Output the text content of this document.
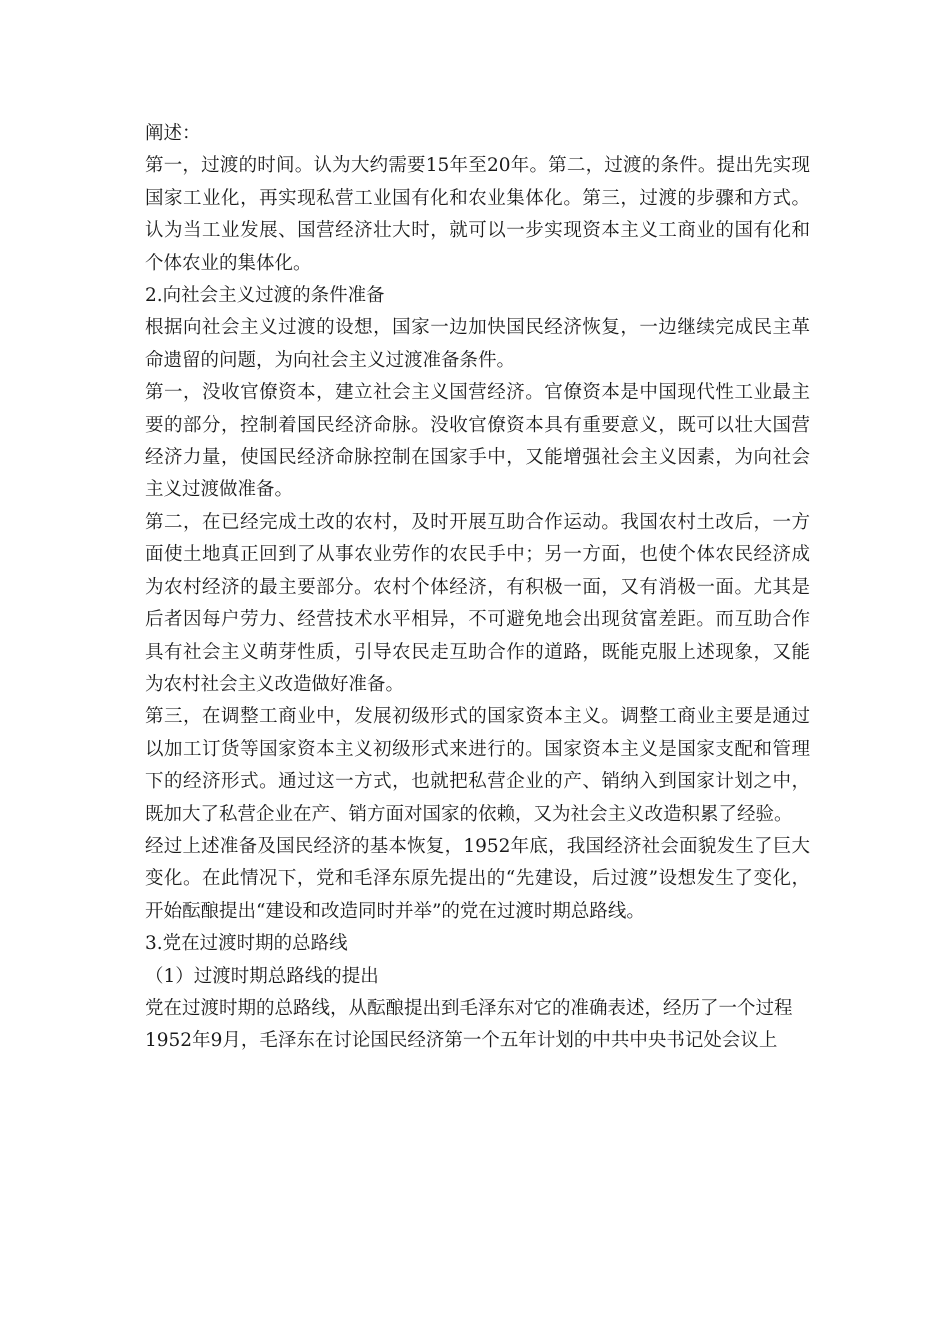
阐述：

第一，过渡的时间。认为大约需要15年至20年。第二，过渡的条件。提出先实现国家工业化，再实现私营工业国有化和农业集体化。第三，过渡的步骤和方式。认为当工业发展、国营经济壮大时，就可以一步实现资本主义工商业的国有化和个体农业的集体化。

2.向社会主义过渡的条件准备

根据向社会主义过渡的设想，国家一边加快国民经济恢复，一边继续完成民主革命遗留的问题，为向社会主义过渡准备条件。

第一，没收官僚资本，建立社会主义国营经济。官僚资本是中国现代性工业最主要的部分，控制着国民经济命脉。没收官僚资本具有重要意义，既可以壮大国营经济力量，使国民经济命脉控制在国家手中，又能增强社会主义因素，为向社会主义过渡做准备。

第二，在已经完成土改的农村，及时开展互助合作运动。我国农村土改后，一方面使土地真正回到了从事农业劳作的农民手中；另一方面，也使个体农民经济成为农村经济的最主要部分。农村个体经济，有积极一面，又有消极一面。尤其是后者因每户劳力、经营技术水平相异，不可避免地会出现贫富差距。而互助合作具有社会主义萌芽性质，引导农民走互助合作的道路，既能克服上述现象，又能为农村社会主义改造做好准备。

第三，在调整工商业中，发展初级形式的国家资本主义。调整工商业主要是通过以加工订货等国家资本主义初级形式来进行的。国家资本主义是国家支配和管理下的经济形式。通过这一方式，也就把私营企业的产、销纳入到国家计划之中，既加大了私营企业在产、销方面对国家的依赖，又为社会主义改造积累了经验。

经过上述准备及国民经济的基本恢复，1952年底，我国经济社会面貌发生了巨大变化。在此情况下，党和毛泽东原先提出的“先建设，后过渡”设想发生了变化，开始酝酿提出“建设和改造同时并举”的党在过渡时期总路线。

3.党在过渡时期的总路线

（1）过渡时期总路线的提出

党在过渡时期的总路线，从酝酿提出到毛泽东对它的准确表述，经历了一个过程

1952年9月，毛泽东在讨论国民经济第一个五年计划的中共中央书记处会议上
